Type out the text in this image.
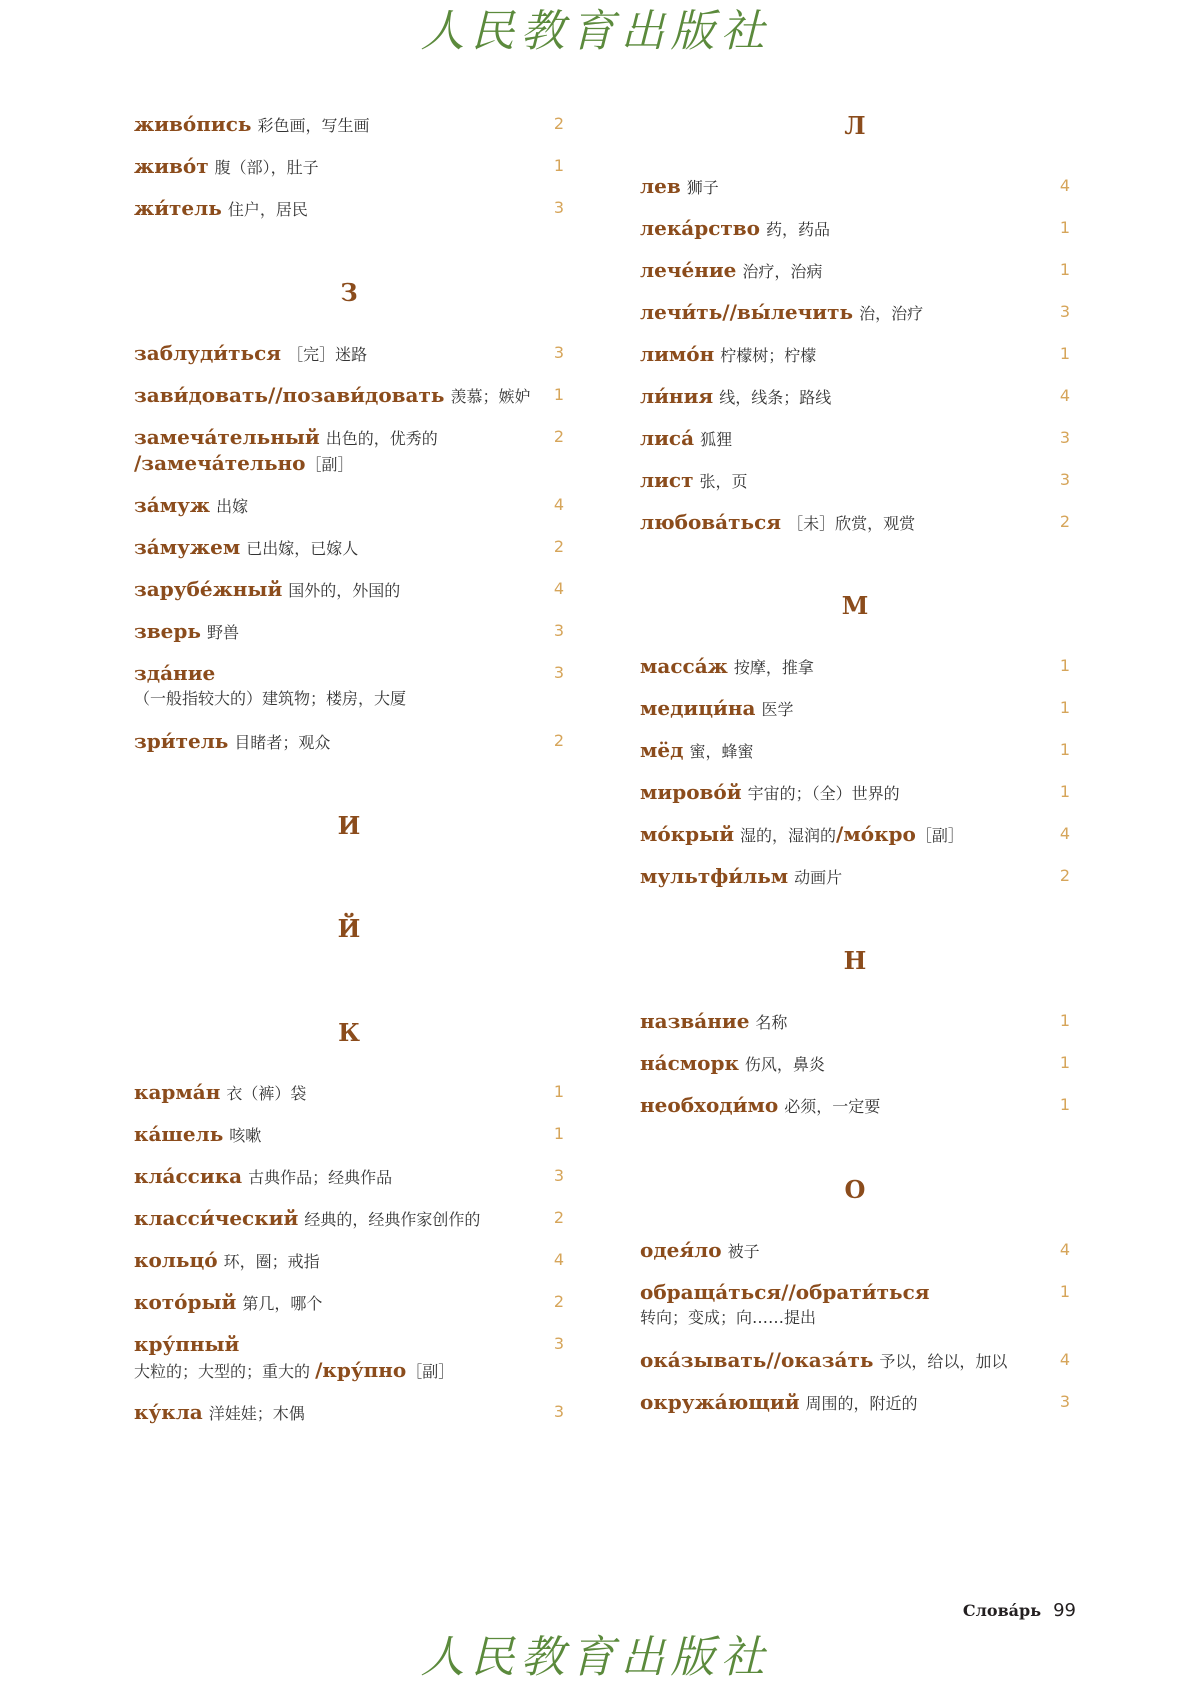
人民教育出版社
живо́пись 彩色画，写生画	2
живо́т 腹（部），肚子	1
жи́тель 住户，居民	3
З
заблуди́ться ［完］迷路	3
зави́довать//позави́довать 羡慕；嫉妒 1
замеча́тельный 出色的，优秀的	2
/замеча́тельно［副］
за́муж 出嫁	4
за́мужем 已出嫁，已嫁人	2
зарубе́жный 国外的，外国的	4
зверь 野兽	3
зда́ние	3
（一般指较大的）建筑物；楼房，大厦
зри́тель 目睹者；观众	2
И
Й
К
карма́н 衣（裤）袋	1
ка́шель 咳嗽	1
кла́ссика 古典作品；经典作品	3
класси́ческий 经典的，经典作家创作的	2
кольцо́ 环，圈；戒指	4
кото́рый 第几，哪个	2
кру́пный	3
大粒的；大型的；重大的 /кру́пно［副］
ку́кла 洋娃娃；木偶	3
Л
лев 狮子	4
лека́рство 药，药品	1
лече́ние 治疗，治病	1
лечи́ть//вы́лечить 治，治疗	3
лимо́н 柠檬树；柠檬	1
ли́ния 线，线条；路线	4
лиса́ 狐狸	3
лист 张，页	3
любова́ться ［未］欣赏，观赏	2
М
масса́ж 按摩，推拿	1
медици́на 医学	1
мёд 蜜，蜂蜜	1
мирово́й 宇宙的；（全）世界的	1
мо́крый 湿的，湿润的/мо́кро［副］	4
мультфи́льм 动画片	2
Н
назва́ние 名称	1
на́сморк 伤风，鼻炎	1
необходи́мо 必须，一定要	1
О
одея́ло 被子	4
обраща́ться//обрати́ться	1
转向；变成；向……提出
ока́зывать//оказа́ть 予以，给以，加以	4
окружа́ющий 周围的，附近的	3
Слова́рь 99
人民教育出版社
